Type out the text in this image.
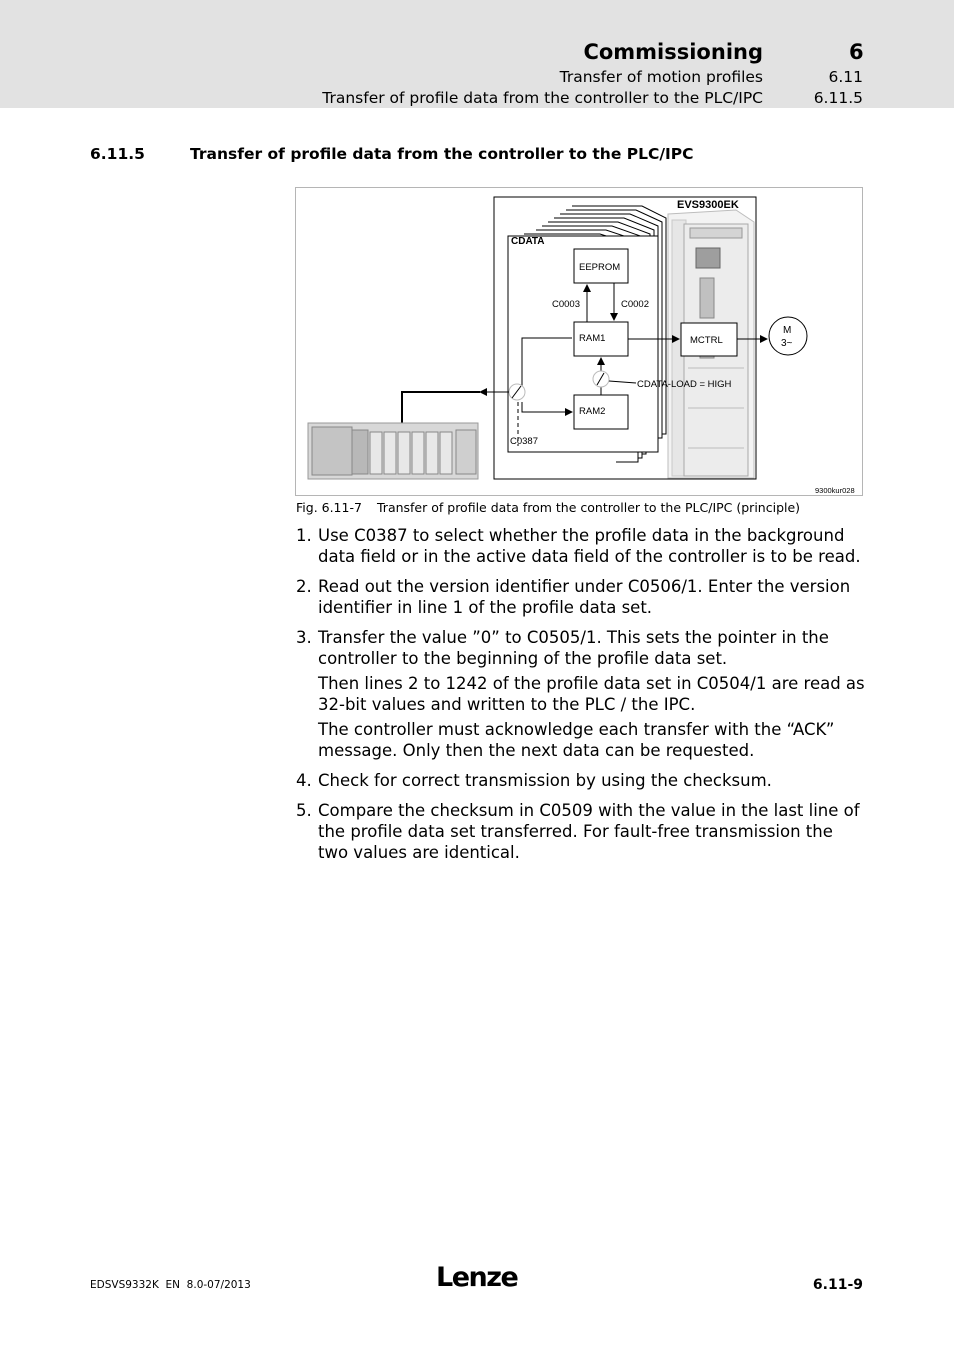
Commissioning	6
Transfer of motion profiles	6.11
Transfer of profile data from the controller to the PLC/IPC	6.11.5
6.11.5	Transfer of profile data from the controller to the PLC/IPC
EVS9300EK
CDATA
EEPROM
C0003	C0002
RAM1
RAM2
MCTRL
M
3~
CDATA-LOAD = HIGH
C0387
9300kur028
Fig. 6.11-7 Transfer of profile data from the controller to the PLC/IPC (principle)
1. Use C0387 to select whether the profile data in the background data field or in the active data field of the controller is to be read.

2. Read out the version identifier under C0506/1. Enter the version identifier in line 1 of the profile data set.

3. Transfer the value ”0” to C0505/1. This sets the pointer in the controller to the beginning of the profile data set.

Then lines 2 to 1242 of the profile data set in C0504/1 are read as 32-bit values and written to the PLC / the IPC.

The controller must acknowledge each transfer with the “ACK” message. Only then the next data can be requested.

4. Check for correct transmission by using the checksum.

5. Compare the checksum in C0509 with the value in the last line of the profile data set transferred. For fault-free transmission the two values are identical.

EDSVS9332K  EN  8.0-07/2013	Lenze	6.11-9
